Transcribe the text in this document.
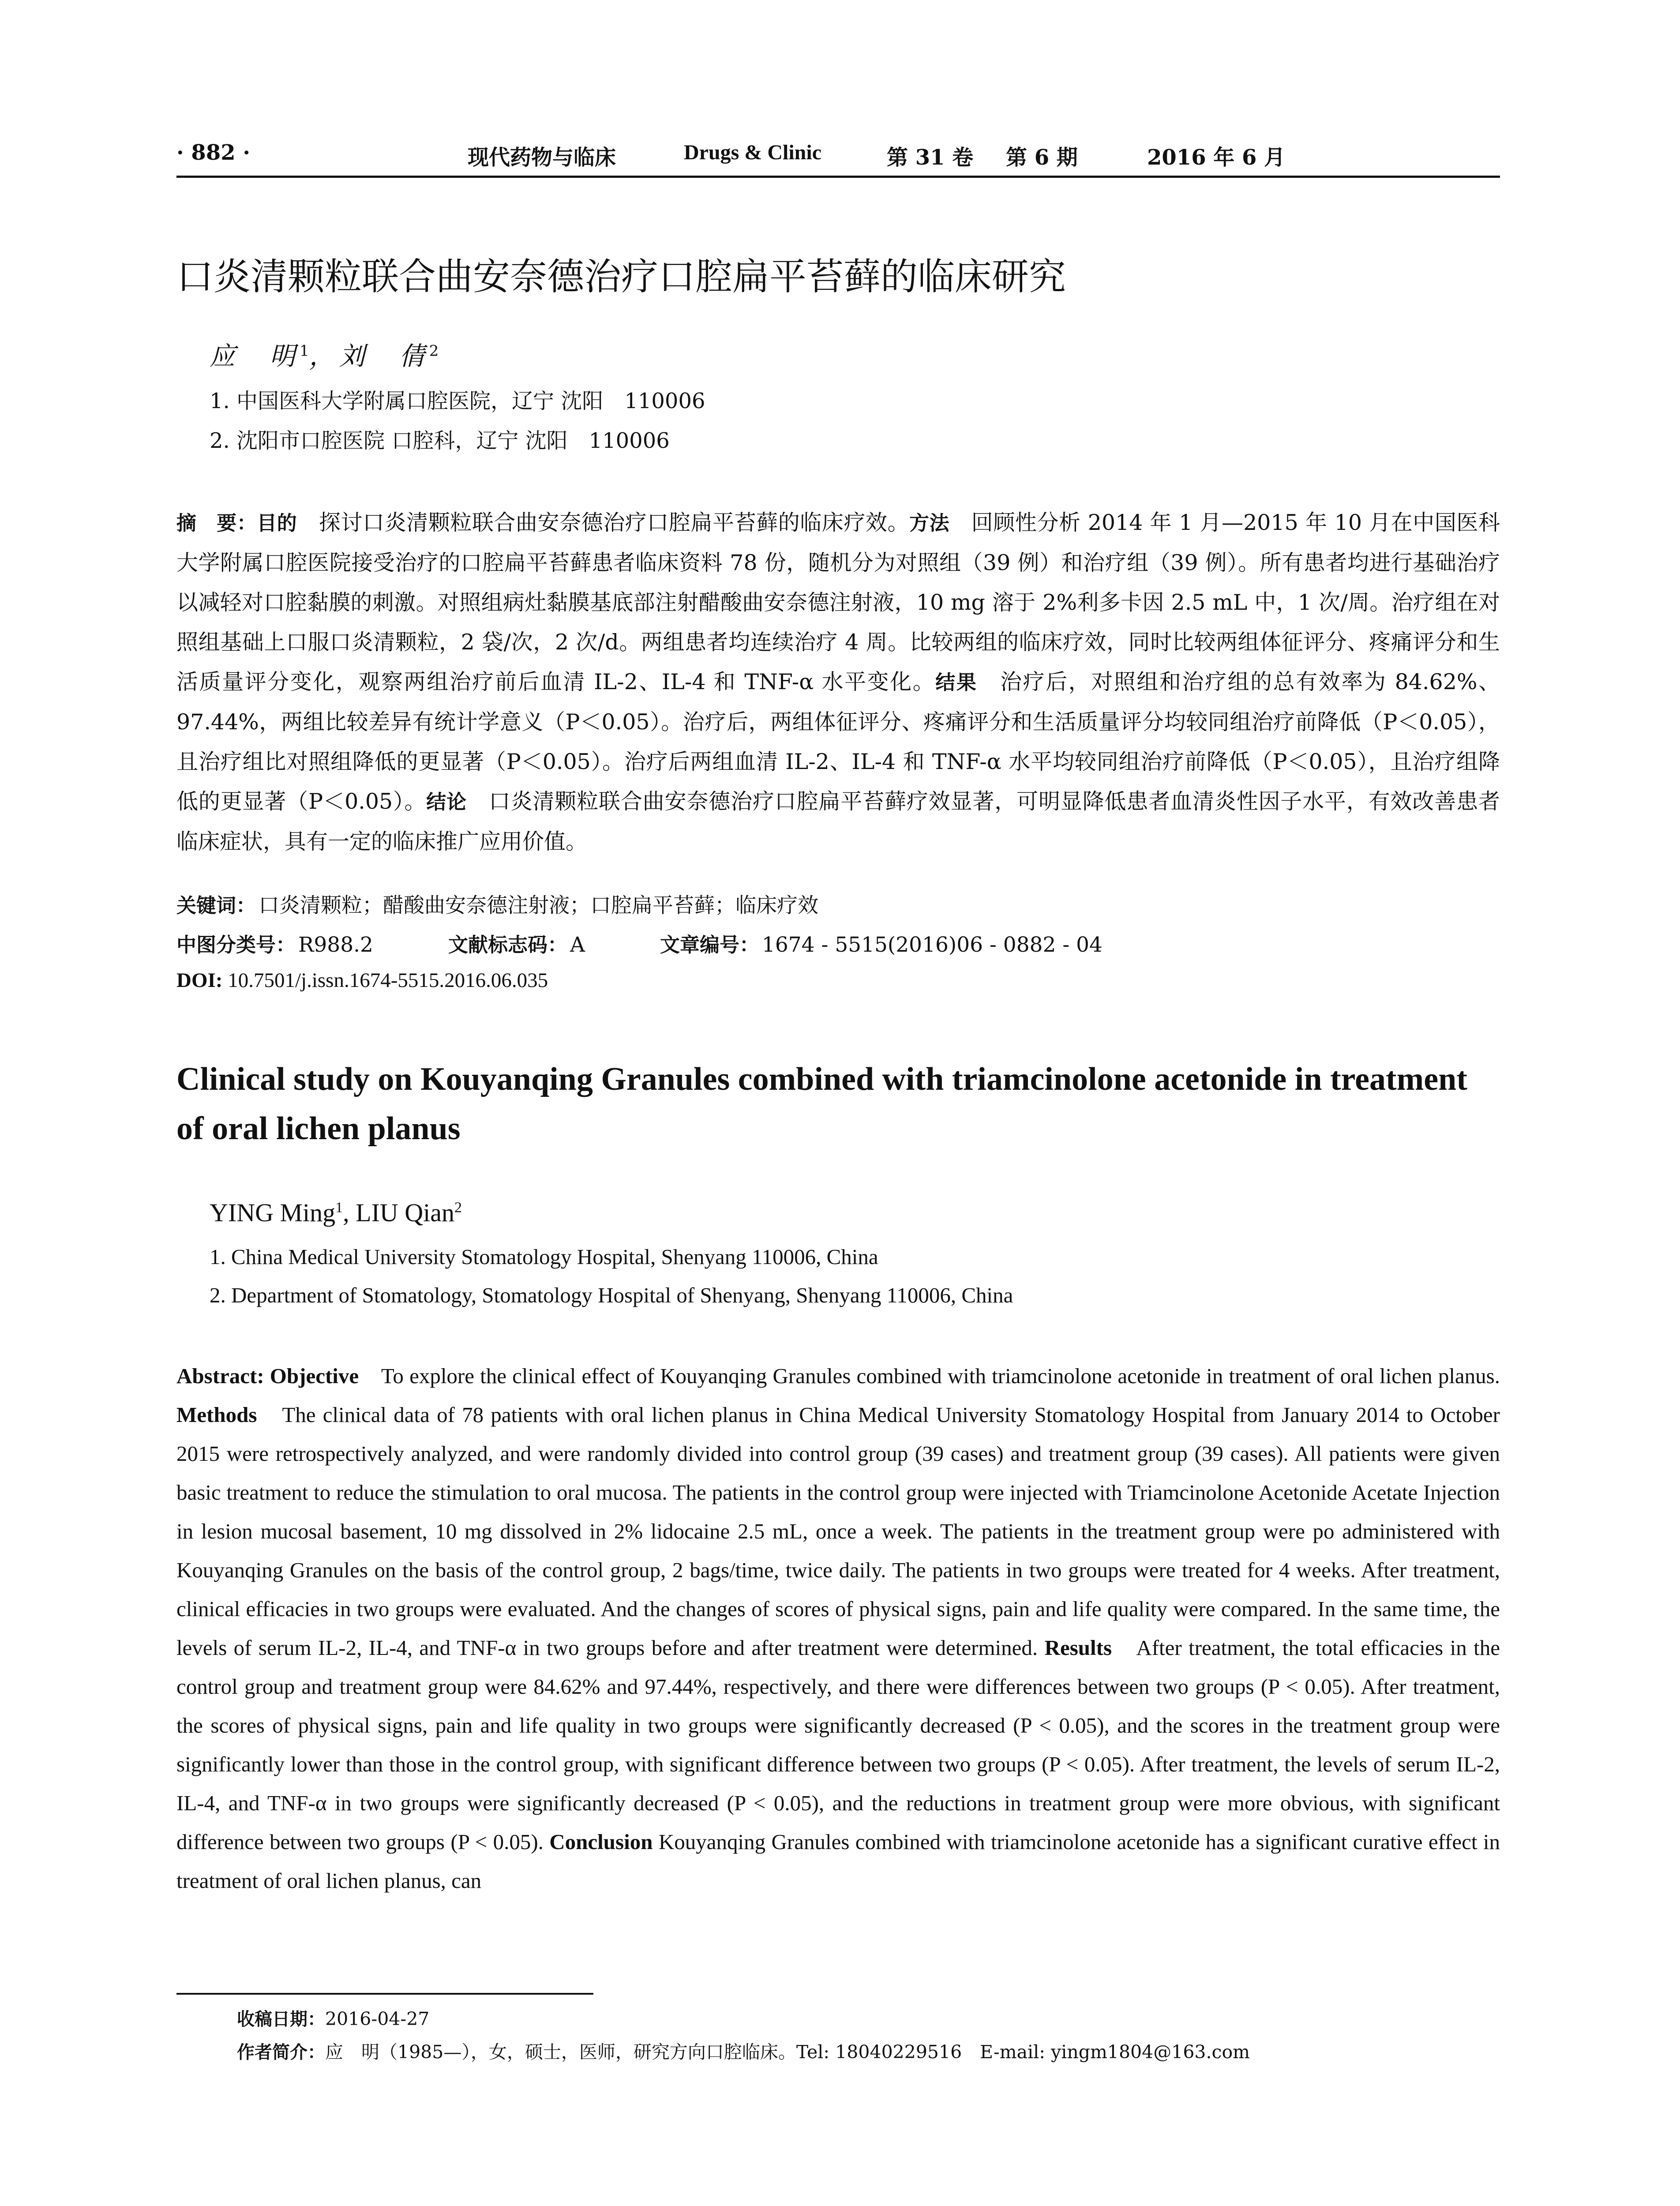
· 882 ·	现代药物与临床	Drugs & Clinic	第 31 卷 第 6 期	2016 年 6 月
口炎清颗粒联合曲安奈德治疗口腔扁平苔藓的临床研究
应　明$^1$，刘　倩$^2$
1. 中国医科大学附属口腔医院，辽宁 沈阳　110006
2. 沈阳市口腔医院 口腔科，辽宁 沈阳　110006
摘　要：目的　探讨口炎清颗粒联合曲安奈德治疗口腔扁平苔藓的临床疗效。方法　回顾性分析 2014 年 1 月—2015 年 10 月在中国医科大学附属口腔医院接受治疗的口腔扁平苔藓患者临床资料 78 份，随机分为对照组（39 例）和治疗组（39 例）。所有患者均进行基础治疗以减轻对口腔黏膜的刺激。对照组病灶黏膜基底部注射醋酸曲安奈德注射液，10 mg 溶于 2%利多卡因 2.5 mL 中，1 次/周。治疗组在对照组基础上口服口炎清颗粒，2 袋/次，2 次/d。两组患者均连续治疗 4 周。比较两组的临床疗效，同时比较两组体征评分、疼痛评分和生活质量评分变化，观察两组治疗前后血清 IL-2、IL-4 和 TNF-α 水平变化。结果　治疗后，对照组和治疗组的总有效率为 84.62%、97.44%，两组比较差异有统计学意义（P＜0.05）。治疗后，两组体征评分、疼痛评分和生活质量评分均较同组治疗前降低（P＜0.05），且治疗组比对照组降低的更显著（P＜0.05）。治疗后两组血清 IL-2、IL-4 和 TNF-α 水平均较同组治疗前降低（P＜0.05），且治疗组降低的更显著（P＜0.05）。结论　口炎清颗粒联合曲安奈德治疗口腔扁平苔藓疗效显著，可明显降低患者血清炎性因子水平，有效改善患者临床症状，具有一定的临床推广应用价值。
关键词： 口炎清颗粒；醋酸曲安奈德注射液；口腔扁平苔藓；临床疗效
中图分类号： R988.2	文献标志码： A	文章编号： 1674 - 5515(2016)06 - 0882 - 04
DOI: 10.7501/j.issn.1674-5515.2016.06.035
Clinical study on Kouyanqing Granules combined with triamcinolone acetonide in treatment of oral lichen planus
YING Ming$^1$, LIU Qian$^2$
1. China Medical University Stomatology Hospital, Shenyang 110006, China
2. Department of Stomatology, Stomatology Hospital of Shenyang, Shenyang 110006, China
Abstract: Objective　To explore the clinical effect of Kouyanqing Granules combined with triamcinolone acetonide in treatment of oral lichen planus. Methods　The clinical data of 78 patients with oral lichen planus in China Medical University Stomatology Hospital from January 2014 to October 2015 were retrospectively analyzed, and were randomly divided into control group (39 cases) and treatment group (39 cases). All patients were given basic treatment to reduce the stimulation to oral mucosa. The patients in the control group were injected with Triamcinolone Acetonide Acetate Injection in lesion mucosal basement, 10 mg dissolved in 2% lidocaine 2.5 mL, once a week. The patients in the treatment group were po administered with Kouyanqing Granules on the basis of the control group, 2 bags/time, twice daily. The patients in two groups were treated for 4 weeks. After treatment, clinical efficacies in two groups were evaluated. And the changes of scores of physical signs, pain and life quality were compared. In the same time, the levels of serum IL-2, IL-4, and TNF-α in two groups before and after treatment were determined. Results　After treatment, the total efficacies in the control group and treatment group were 84.62% and 97.44%, respectively, and there were differences between two groups (P < 0.05). After treatment, the scores of physical signs, pain and life quality in two groups were significantly decreased (P < 0.05), and the scores in the treatment group were significantly lower than those in the control group, with significant difference between two groups (P < 0.05). After treatment, the levels of serum IL-2, IL-4, and TNF-α in two groups were significantly decreased (P < 0.05), and the reductions in treatment group were more obvious, with significant difference between two groups (P < 0.05). Conclusion Kouyanqing Granules combined with triamcinolone acetonide has a significant curative effect in treatment of oral lichen planus, can
收稿日期：2016-04-27
作者简介：应　明（1985—），女，硕士，医师，研究方向口腔临床。Tel: 18040229516　E-mail: yingm1804@163.com
